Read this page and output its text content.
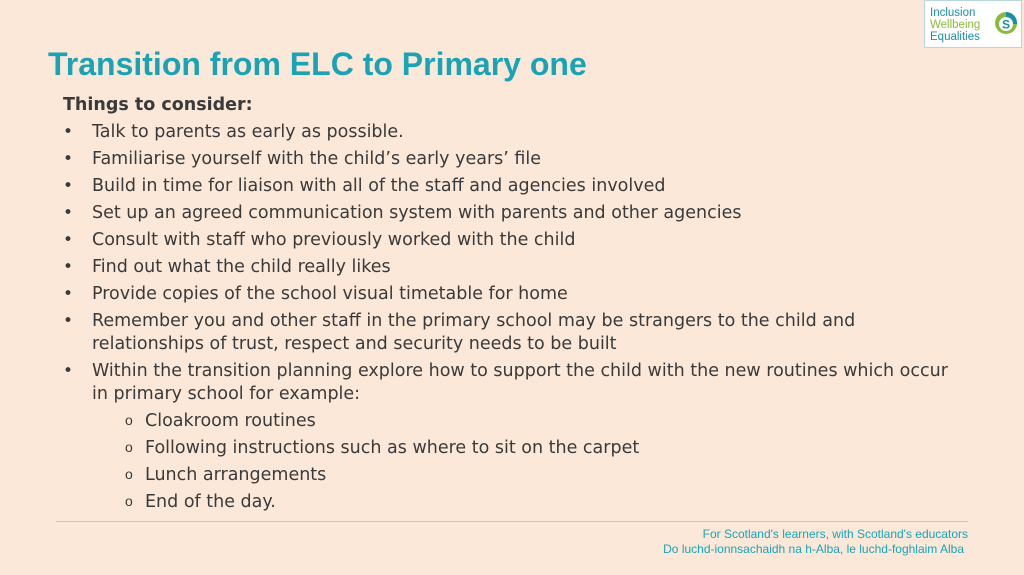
Transition from ELC to Primary one
Inclusion
Wellbeing
Equalities
S
Things to consider:
• Talk to parents as early as possible.
• Familiarise yourself with the child’s early years’ file
• Build in time for liaison with all of the staff and agencies involved
• Set up an agreed communication system with parents and other agencies
• Consult with staff who previously worked with the child
• Find out what the child really likes
• Provide copies of the school visual timetable for home
• Remember you and other staff in the primary school may be strangers to the child and relationships of trust, respect and security needs to be built
• Within the transition planning explore how to support the child with the new routines which occur in primary school for example:
o Cloakroom routines
o Following instructions such as where to sit on the carpet
o Lunch arrangements
o End of the day.
For Scotland's learners, with Scotland's educators
Do luchd-ionnsachaidh na h-Alba, le luchd-foghlaim Alba
